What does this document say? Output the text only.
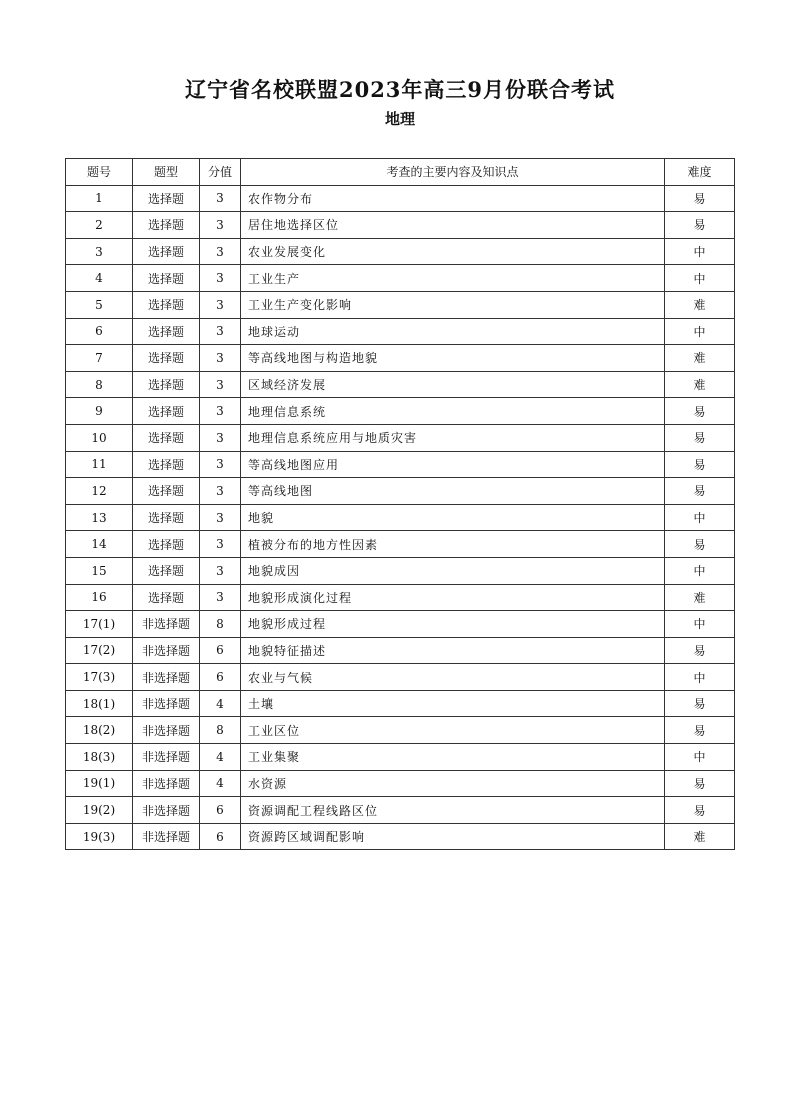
辽宁省名校联盟2023年高三9月份联合考试
地理
题号	题型	分值	考查的主要内容及知识点	难度
1	选择题	3	农作物分布	易
2	选择题	3	居住地选择区位	易
3	选择题	3	农业发展变化	中
4	选择题	3	工业生产	中
5	选择题	3	工业生产变化影响	难
6	选择题	3	地球运动	中
7	选择题	3	等高线地图与构造地貌	难
8	选择题	3	区域经济发展	难
9	选择题	3	地理信息系统	易
10	选择题	3	地理信息系统应用与地质灾害	易
11	选择题	3	等高线地图应用	易
12	选择题	3	等高线地图	易
13	选择题	3	地貌	中
14	选择题	3	植被分布的地方性因素	易
15	选择题	3	地貌成因	中
16	选择题	3	地貌形成演化过程	难
17(1)	非选择题	8	地貌形成过程	中
17(2)	非选择题	6	地貌特征描述	易
17(3)	非选择题	6	农业与气候	中
18(1)	非选择题	4	土壤	易
18(2)	非选择题	8	工业区位	易
18(3)	非选择题	4	工业集聚	中
19(1)	非选择题	4	水资源	易
19(2)	非选择题	6	资源调配工程线路区位	易
19(3)	非选择题	6	资源跨区域调配影响	难
